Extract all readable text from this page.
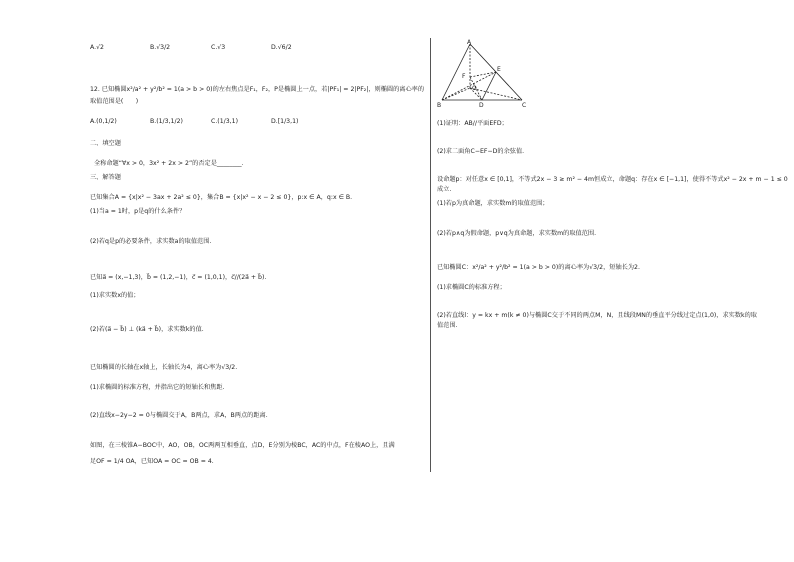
A.√2	B.√3/2	C.√3	D.√6/2
12. 已知椭圆x²/a² + y²/b² = 1(a > b > 0)的左右焦点是F₁，F₂，P是椭圆上一点，若|PF₁| = 2|PF₂|，则椭圆的离心率的
取值范围是(　　)
A.(0,1/2)	B.(1/3,1/2)	C.(1/3,1)	D.[1/3,1)
二、填空题
全称命题“∀x > 0，3x² + 2x > 2”的否定是________．
三、解答题
已知集合A = {x|x² − 3ax + 2a² ≤ 0}，集合B = {x|x² − x − 2 ≤ 0}，p:x ∈ A，q:x ∈ B.
(1)当a = 1时，p是q的什么条件？
(2)若q是p的必要条件，求实数a的取值范围.
已知a⃗ = (x,−1,3)，b⃗ = (1,2,−1)，c⃗ = (1,0,1)，c⃗//(2a⃗ + b⃗).
(1)求实数x的值；
(2)若(a⃗ − b⃗) ⊥ (ka⃗ + b⃗)，求实数k的值.
已知椭圆的长轴在x轴上，长轴长为4，离心率为√3/2.
(1)求椭圆的标准方程，并指出它的短轴长和焦距.
(2)直线x−2y−2 = 0与椭圆交于A，B两点，求A，B两点的距离.
如图，在三棱锥A−BOC中，AO，OB，OC两两互相垂直，点D，E分别为棱BC，AC的中点，F在棱AO上，且满
足OF = 1/4 OA，已知OA = OC = OB = 4.
A
F
E
O
B	D	C
(1)证明：AB//平面EFD；
(2)求二面角C−EF−D的余弦值.
设命题p：对任意x ∈ [0,1]，不等式2x − 3 ≥ m² − 4m恒成立，命题q：存在x ∈ [−1,1]，使得不等式x² − 2x + m − 1 ≤ 0
成立.
(1)若p为真命题，求实数m的取值范围；
(2)若p∧q为假命题，p∨q为真命题，求实数m的取值范围.
已知椭圆C：x²/a² + y²/b² = 1(a > b > 0)的离心率为√3/2，短轴长为2.
(1)求椭圆C的标准方程；
(2)若直线l：y = kx + m(k ≠ 0)与椭圆C交于不同的两点M，N，且线段MN的垂直平分线过定点(1,0)，求实数k的取
值范围.
